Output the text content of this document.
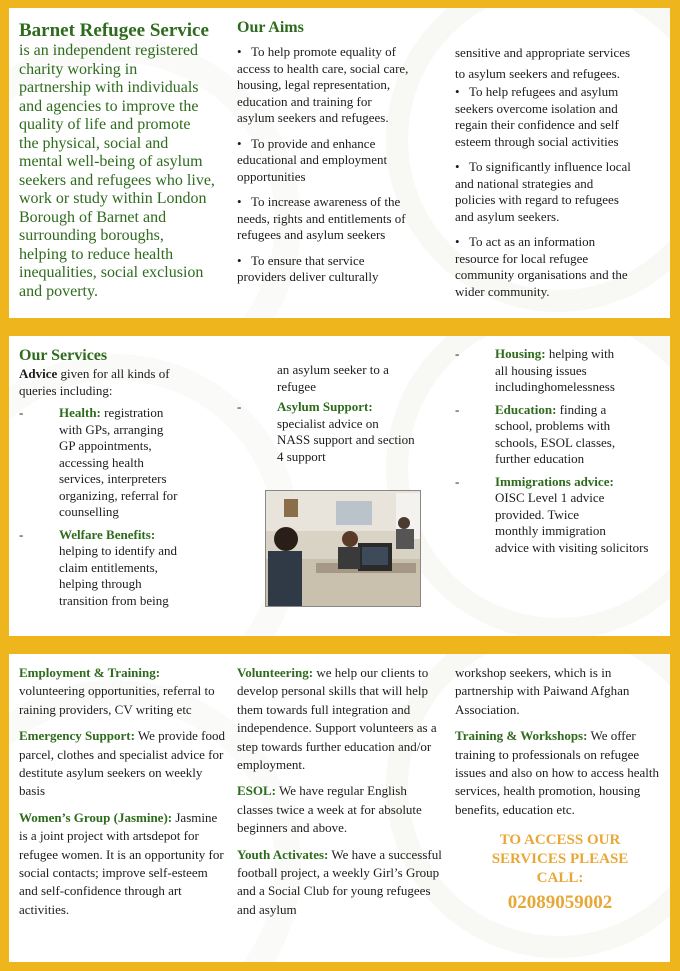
Barnet Refugee Service
is an independent registered
charity working in
partnership with individuals
and agencies to improve the
quality of life and promote
the physical, social and
mental well-being of asylum
seekers and refugees who live,
work or study within London
Borough of Barnet and
surrounding boroughs,
helping to reduce health
inequalities, social exclusion
and poverty.
Our Aims
• To help promote equality of
access to health care, social care,
housing, legal representation,
education and training for
asylum seekers and refugees.
• To provide and enhance
educational and employment
opportunities
• To increase awareness of the
needs, rights and entitlements of
refugees and asylum seekers
• To ensure that service
providers deliver culturally
sensitive and appropriate services
to asylum seekers and refugees.
• To help refugees and asylum
seekers overcome isolation and
regain their confidence and self
esteem through social activities
• To significantly influence local
and national strategies and
policies with regard to refugees
and asylum seekers.
• To act as an information
resource for local refugee
community organisations and the
wider community.
Our Services
Advice given for all kinds of
queries including:
-	Health: registration
with GPs, arranging
GP appointments,
accessing health
services, interpreters
organizing, referral for
counselling
-	Welfare Benefits:
helping to identify and
claim entitlements,
helping through
transition from being
an asylum seeker to a
refugee
-	Asylum Support:
specialist advice on
NASS support and section
4 support
-	Housing: helping with
all housing issues
includinghomelessness
-	Education: finding a
school, problems with
schools, ESOL classes,
further education
-	Immigrations advice:
OISC Level 1 advice
provided. Twice
monthly immigration
advice with visiting solicitors
Employment & Training: volunteering opportunities, referral to raining providers, CV writing etc
Emergency Support: We provide food parcel, clothes and specialist advice for destitute asylum seekers on weekly basis
Women’s Group (Jasmine): Jasmine is a joint project with artsdepot for refugee women. It is an opportunity for social contacts; improve self-esteem and self-confidence through art activities.
Volunteering: we help our clients to develop personal skills that will help them towards full integration and independence. Support volunteers as a step towards further education and/or employment.
ESOL: We have regular English classes twice a week at for absolute beginners and above.
Youth Activates: We have a successful football project, a weekly Girl’s Group and a Social Club for young refugees and asylum
workshop seekers, which is in partnership with Paiwand Afghan Association.
Training & Workshops: We offer training to professionals on refugee issues and also on how to access health services, health promotion, housing benefits, education etc.
TO ACCESS OUR
SERVICES PLEASE
CALL:
02089059002
